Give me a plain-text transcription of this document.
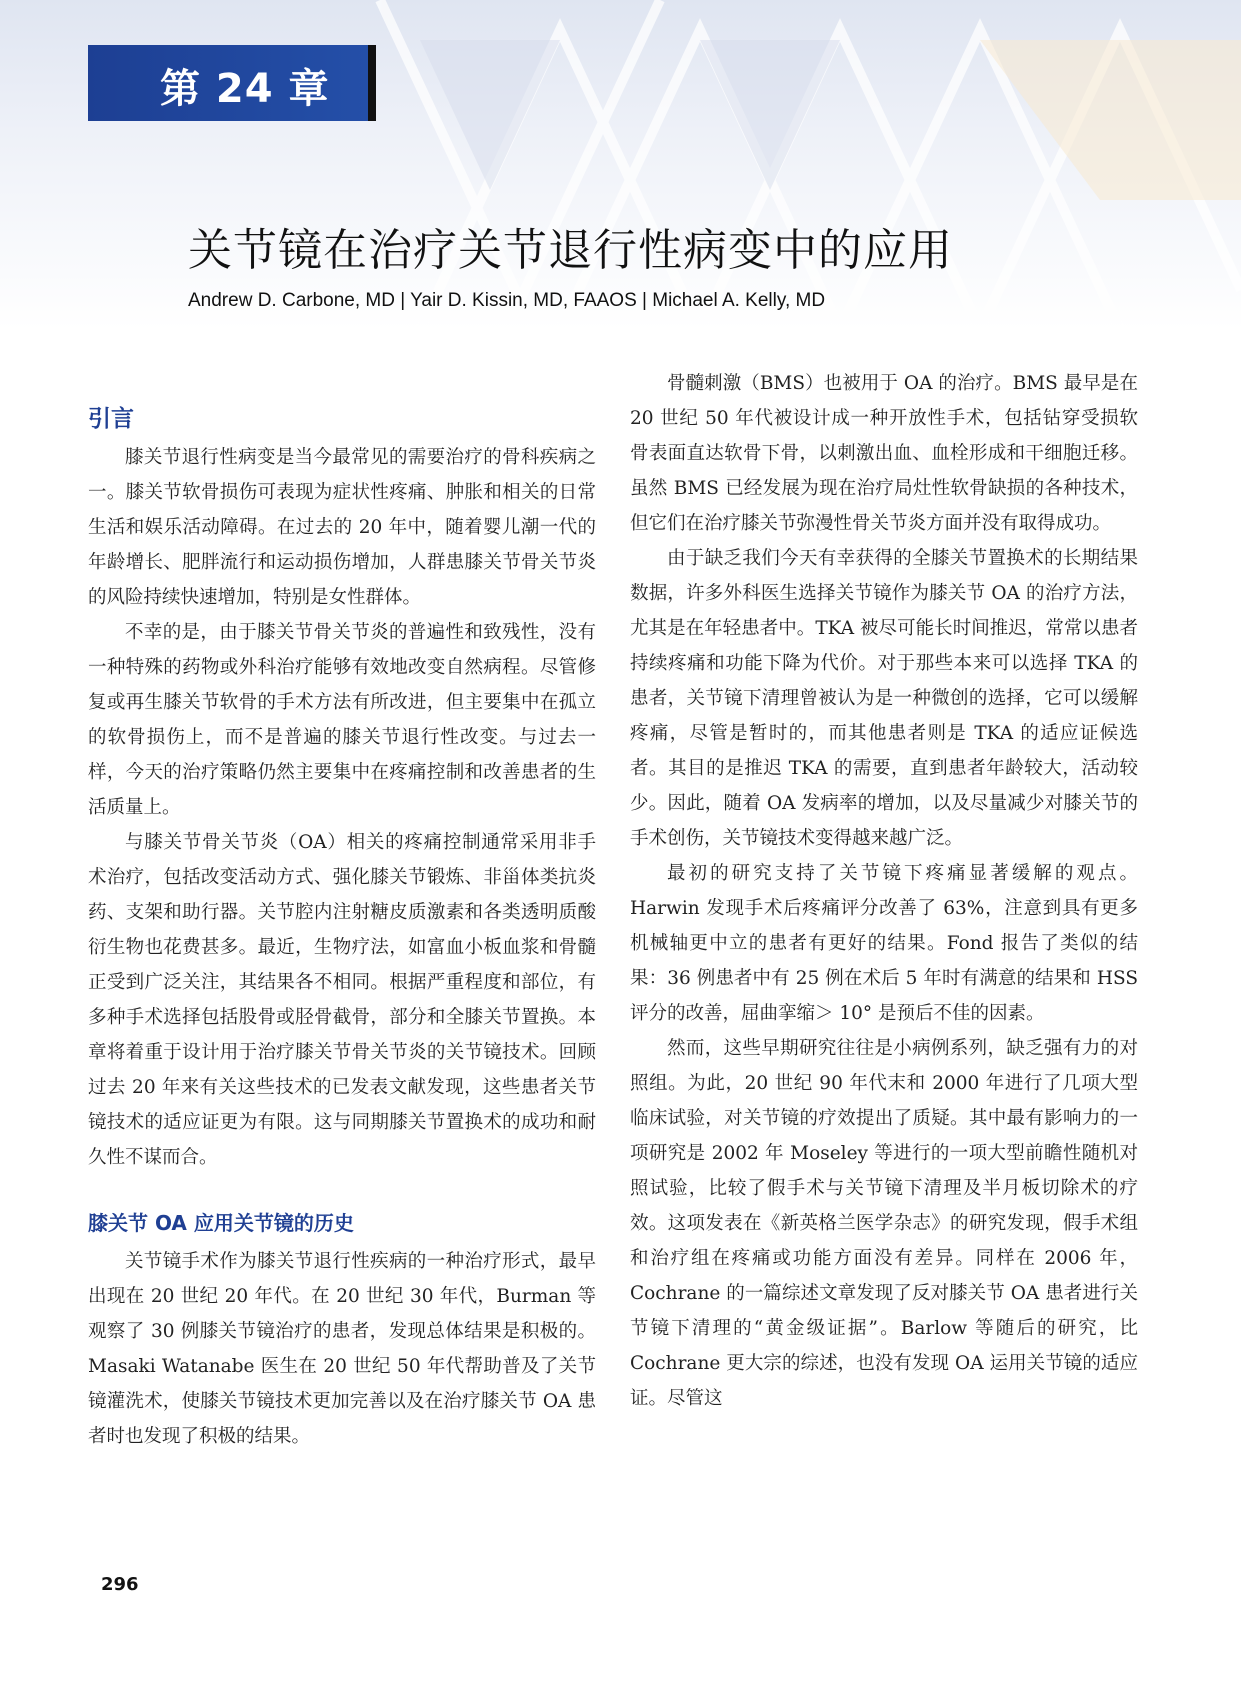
第 24 章
关节镜在治疗关节退行性病变中的应用
Andrew D. Carbone, MD | Yair D. Kissin, MD, FAAOS | Michael A. Kelly, MD
引言

膝关节退行性病变是当今最常见的需要治疗的骨科疾病之一。膝关节软骨损伤可表现为症状性疼痛、肿胀和相关的日常生活和娱乐活动障碍。在过去的 20 年中，随着婴儿潮一代的年龄增长、肥胖流行和运动损伤增加，人群患膝关节骨关节炎的风险持续快速增加，特别是女性群体。

不幸的是，由于膝关节骨关节炎的普遍性和致残性，没有一种特殊的药物或外科治疗能够有效地改变自然病程。尽管修复或再生膝关节软骨的手术方法有所改进，但主要集中在孤立的软骨损伤上，而不是普遍的膝关节退行性改变。与过去一样，今天的治疗策略仍然主要集中在疼痛控制和改善患者的生活质量上。

与膝关节骨关节炎（OA）相关的疼痛控制通常采用非手术治疗，包括改变活动方式、强化膝关节锻炼、非甾体类抗炎药、支架和助行器。关节腔内注射糖皮质激素和各类透明质酸衍生物也花费甚多。最近，生物疗法，如富血小板血浆和骨髓正受到广泛关注，其结果各不相同。根据严重程度和部位，有多种手术选择包括股骨或胫骨截骨，部分和全膝关节置换。本章将着重于设计用于治疗膝关节骨关节炎的关节镜技术。回顾过去 20 年来有关这些技术的已发表文献发现，这些患者关节镜技术的适应证更为有限。这与同期膝关节置换术的成功和耐久性不谋而合。

膝关节 OA 应用关节镜的历史

关节镜手术作为膝关节退行性疾病的一种治疗形式，最早出现在 20 世纪 20 年代。在 20 世纪 30 年代，Burman 等观察了 30 例膝关节镜治疗的患者，发现总体结果是积极的。Masaki Watanabe 医生在 20 世纪 50 年代帮助普及了关节镜灌洗术，使膝关节镜技术更加完善以及在治疗膝关节 OA 患者时也发现了积极的结果。

骨髓刺激（BMS）也被用于 OA 的治疗。BMS 最早是在 20 世纪 50 年代被设计成一种开放性手术，包括钻穿受损软骨表面直达软骨下骨，以刺激出血、血栓形成和干细胞迁移。虽然 BMS 已经发展为现在治疗局灶性软骨缺损的各种技术，但它们在治疗膝关节弥漫性骨关节炎方面并没有取得成功。

由于缺乏我们今天有幸获得的全膝关节置换术的长期结果数据，许多外科医生选择关节镜作为膝关节 OA 的治疗方法，尤其是在年轻患者中。TKA 被尽可能长时间推迟，常常以患者持续疼痛和功能下降为代价。对于那些本来可以选择 TKA 的患者，关节镜下清理曾被认为是一种微创的选择，它可以缓解疼痛，尽管是暂时的，而其他患者则是 TKA 的适应证候选者。其目的是推迟 TKA 的需要，直到患者年龄较大，活动较少。因此，随着 OA 发病率的增加，以及尽量减少对膝关节的手术创伤，关节镜技术变得越来越广泛。

最初的研究支持了关节镜下疼痛显著缓解的观点。Harwin 发现手术后疼痛评分改善了 63%，注意到具有更多机械轴更中立的患者有更好的结果。Fond 报告了类似的结果：36 例患者中有 25 例在术后 5 年时有满意的结果和 HSS 评分的改善，屈曲挛缩＞ 10° 是预后不佳的因素。

然而，这些早期研究往往是小病例系列，缺乏强有力的对照组。为此，20 世纪 90 年代末和 2000 年进行了几项大型临床试验，对关节镜的疗效提出了质疑。其中最有影响力的一项研究是 2002 年 Moseley 等进行的一项大型前瞻性随机对照试验，比较了假手术与关节镜下清理及半月板切除术的疗效。这项发表在《新英格兰医学杂志》的研究发现，假手术组和治疗组在疼痛或功能方面没有差异。同样在 2006 年，Cochrane 的一篇综述文章发现了反对膝关节 OA 患者进行关节镜下清理的“黄金级证据”。Barlow 等随后的研究，比 Cochrane 更大宗的综述，也没有发现 OA 运用关节镜的适应证。尽管这

296
